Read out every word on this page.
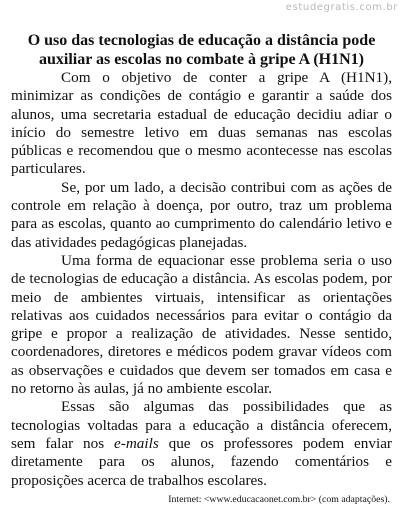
estudegratis.com.br
O uso das tecnologias de educação a distância pode auxiliar as escolas no combate à gripe A (H1N1)

Com o objetivo de conter a gripe A (H1N1), minimizar as condições de contágio e garantir a saúde dos alunos, uma secretaria estadual de educação decidiu adiar o início do semestre letivo em duas semanas nas escolas públicas e recomendou que o mesmo acontecesse nas escolas particulares.

Se, por um lado, a decisão contribui com as ações de controle em relação à doença, por outro, traz um problema para as escolas, quanto ao cumprimento do calendário letivo e das atividades pedagógicas planejadas.

Uma forma de equacionar esse problema seria o uso de tecnologias de educação a distância. As escolas podem, por meio de ambientes virtuais, intensificar as orientações relativas aos cuidados necessários para evitar o contágio da gripe e propor a realização de atividades. Nesse sentido, coordenadores, diretores e médicos podem gravar vídeos com as observações e cuidados que devem ser tomados em casa e no retorno às aulas, já no ambiente escolar.

Essas são algumas das possibilidades que as tecnologias voltadas para a educação a distância oferecem, sem falar nos e-mails que os professores podem enviar diretamente para os alunos, fazendo comentários e proposições acerca de trabalhos escolares.

Internet: <www.educacaonet.com.br> (com adaptações).
